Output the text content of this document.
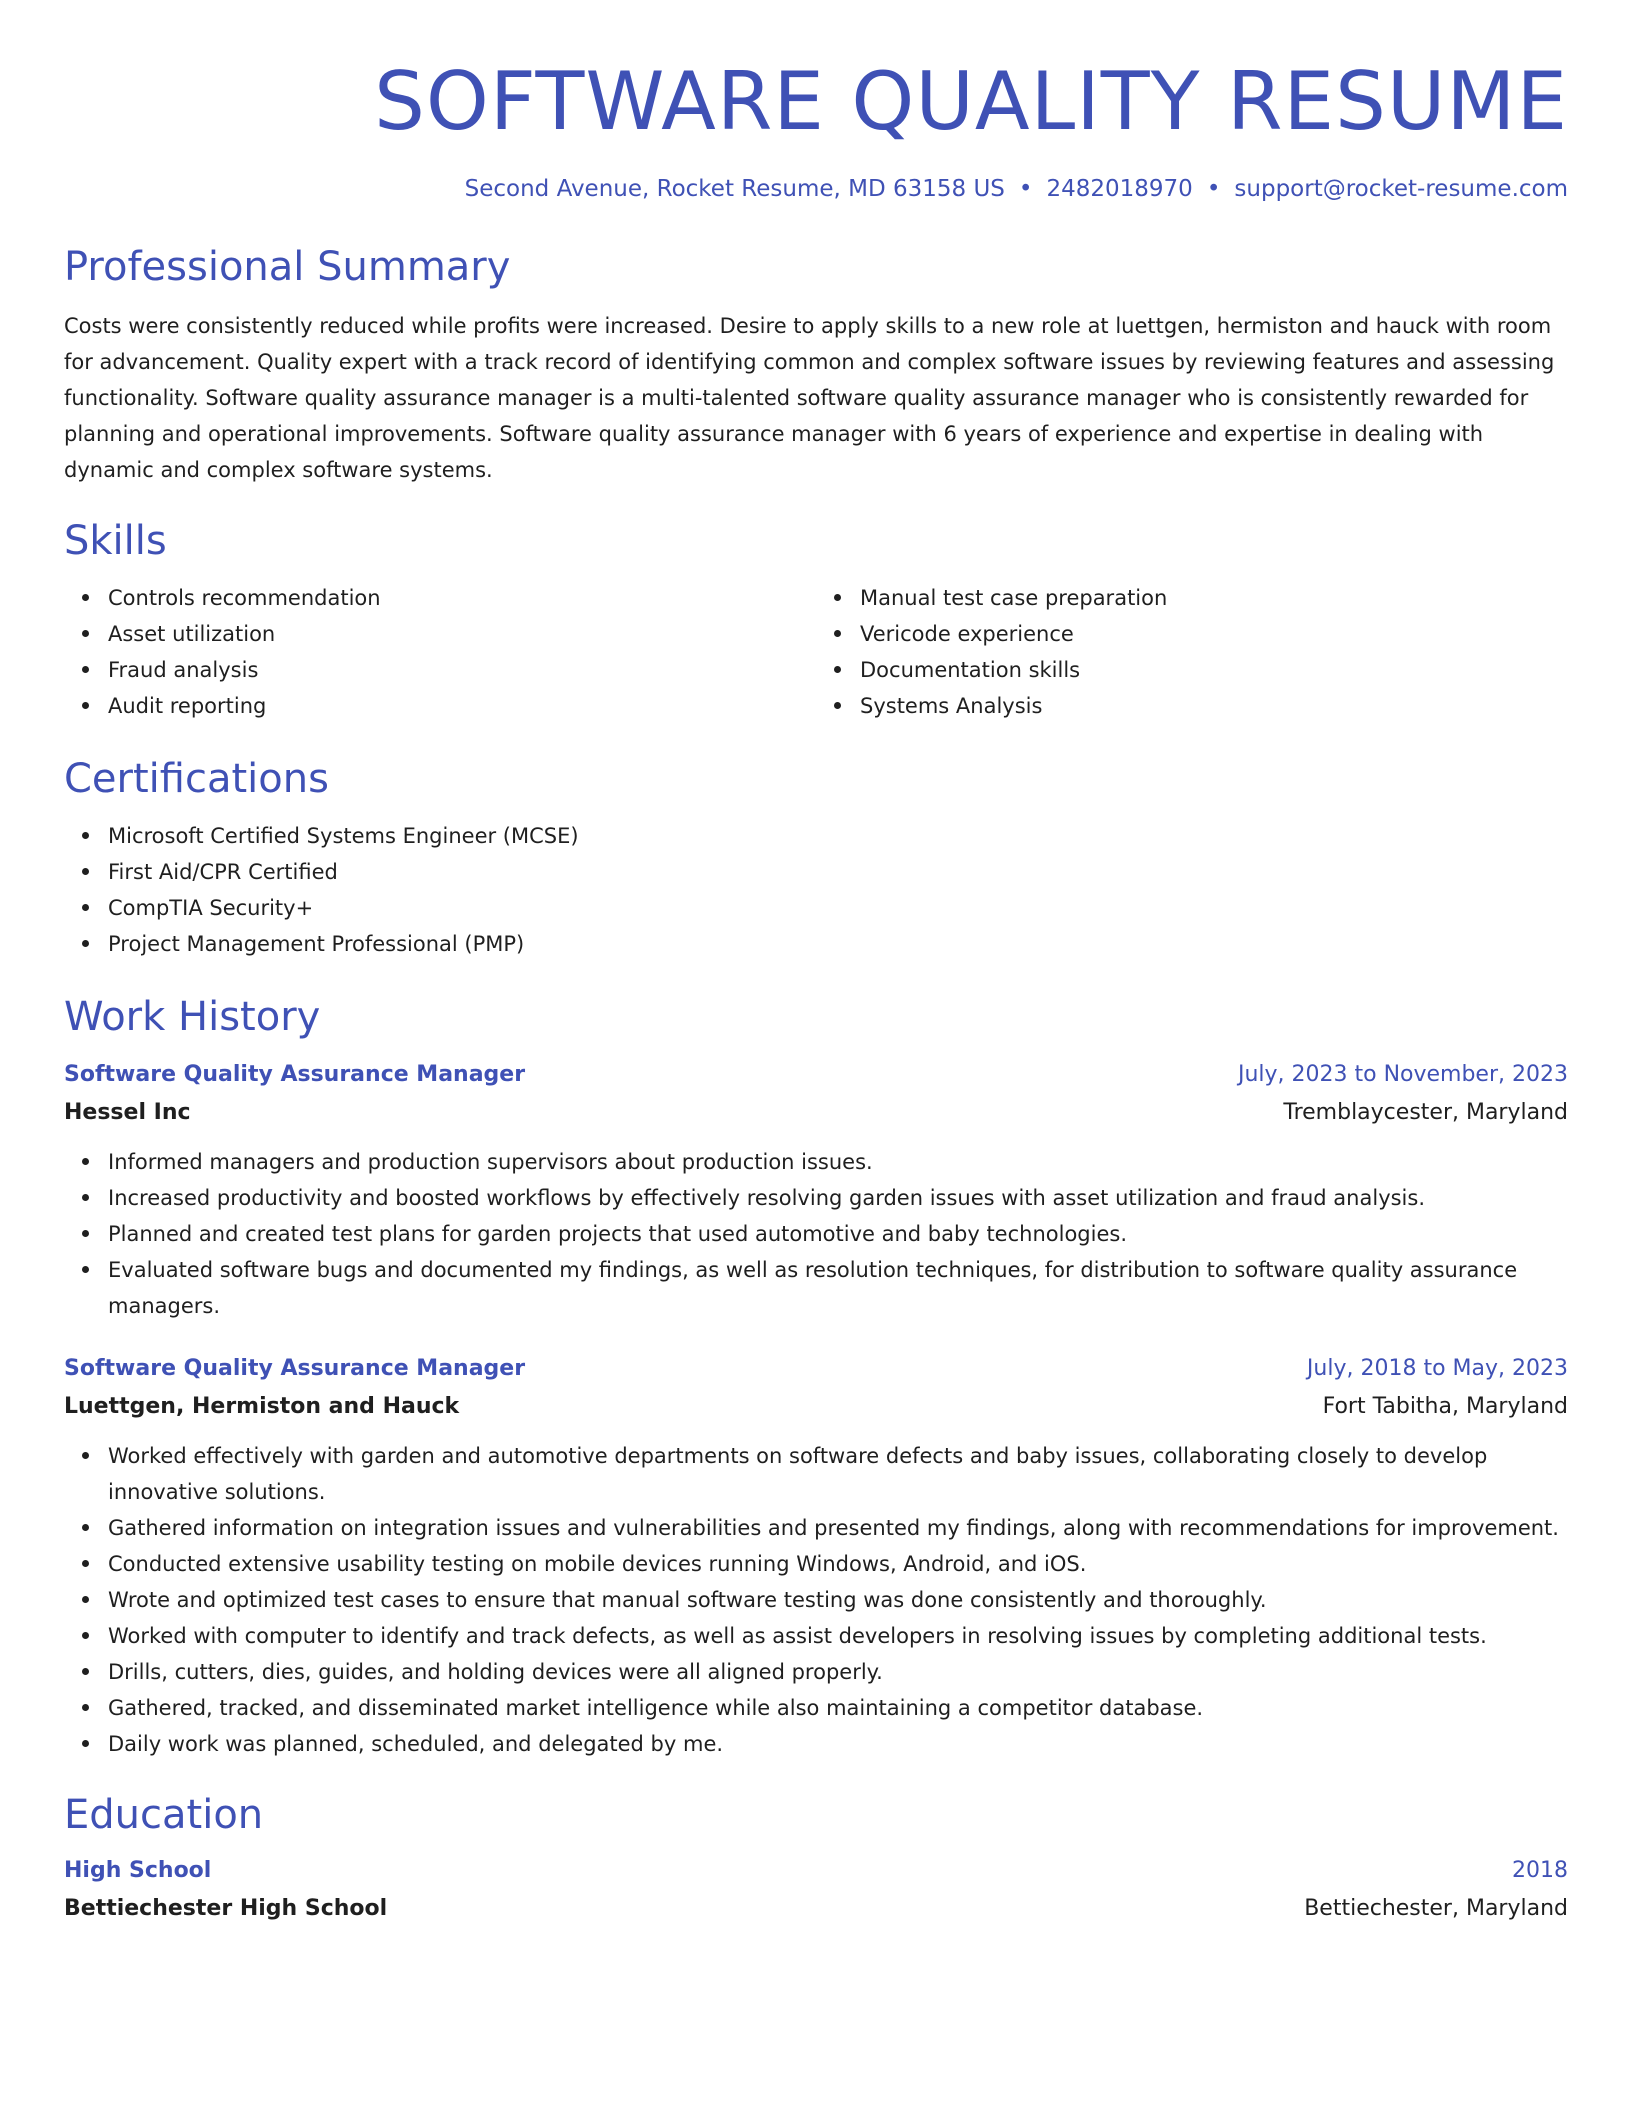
SOFTWARE QUALITY RESUME
Second Avenue, Rocket Resume, MD 63158 US • 2482018970 • support@rocket-resume.com
Professional Summary

Costs were consistently reduced while profits were increased. Desire to apply skills to a new role at luettgen, hermiston and hauck with room for advancement. Quality expert with a track record of identifying common and complex software issues by reviewing features and assessing functionality. Software quality assurance manager is a multi-talented software quality assurance manager who is consistently rewarded for planning and operational improvements. Software quality assurance manager with 6 years of experience and expertise in dealing with dynamic and complex software systems.

Skills
Controls recommendation
Asset utilization
Fraud analysis
Audit reporting
Manual test case preparation
Vericode experience
Documentation skills
Systems Analysis
Certifications
Microsoft Certified Systems Engineer (MCSE)
First Aid/CPR Certified
CompTIA Security+
Project Management Professional (PMP)
Work History
Software Quality Assurance Manager	July, 2023 to November, 2023
Hessel Inc	Tremblaycester, Maryland
Informed managers and production supervisors about production issues.
Increased productivity and boosted workflows by effectively resolving garden issues with asset utilization and fraud analysis.
Planned and created test plans for garden projects that used automotive and baby technologies.
Evaluated software bugs and documented my findings, as well as resolution techniques, for distribution to software quality assurance managers.
Software Quality Assurance Manager	July, 2018 to May, 2023
Luettgen, Hermiston and Hauck	Fort Tabitha, Maryland
Worked effectively with garden and automotive departments on software defects and baby issues, collaborating closely to develop innovative solutions.
Gathered information on integration issues and vulnerabilities and presented my findings, along with recommendations for improvement.
Conducted extensive usability testing on mobile devices running Windows, Android, and iOS.
Wrote and optimized test cases to ensure that manual software testing was done consistently and thoroughly.
Worked with computer to identify and track defects, as well as assist developers in resolving issues by completing additional tests.
Drills, cutters, dies, guides, and holding devices were all aligned properly.
Gathered, tracked, and disseminated market intelligence while also maintaining a competitor database.
Daily work was planned, scheduled, and delegated by me.
Education
High School	2018
Bettiechester High School	Bettiechester, Maryland
